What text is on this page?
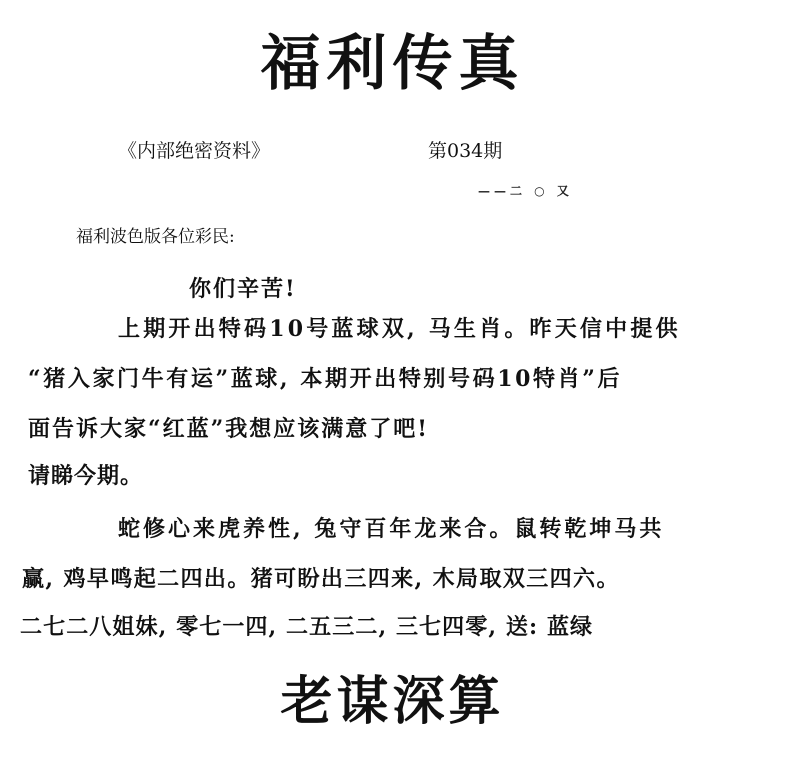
福利传真
《内部绝密资料》	第034期
——二 ○ 又
福利波色版各位彩民:
你们辛苦!
上期开出特码10号蓝球双, 马生肖。昨天信中提供
“猪入家门牛有运”蓝球, 本期开出特别号码10特肖”后
面告诉大家“红蓝”我想应该满意了吧!
请睇今期。
蛇修心来虎养性, 兔守百年龙来合。鼠转乾坤马共
赢, 鸡早鸣起二四出。猪可盼出三四来, 木局取双三四六。
二七二八姐妹, 零七一四, 二五三二, 三七四零, 送: 蓝绿
老谋深算
